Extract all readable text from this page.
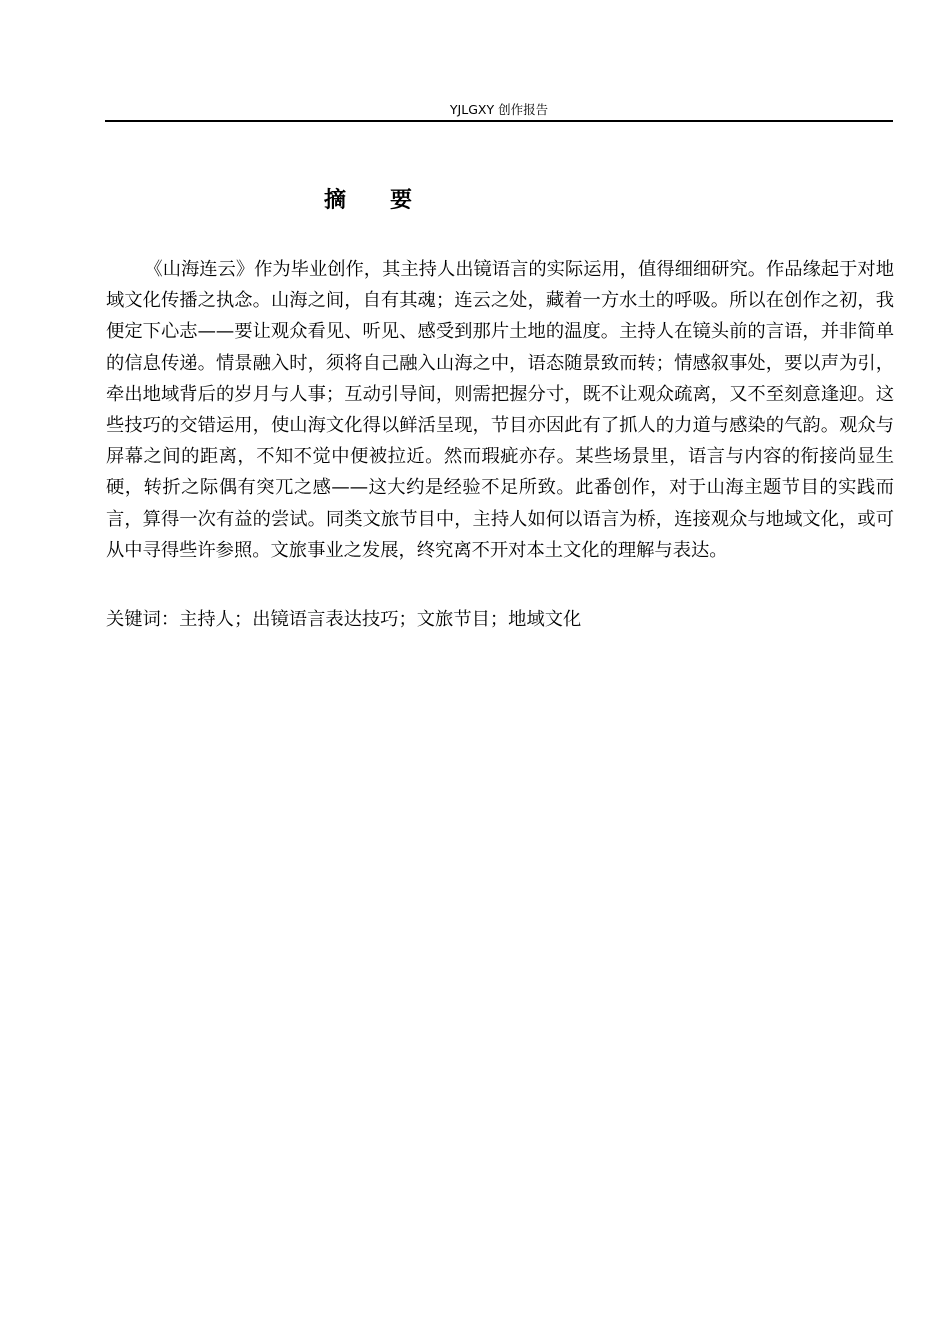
YJLGXY 创作报告
摘要

《山海连云》作为毕业创作，其主持人出镜语言的实际运用，值得细细研究。作品缘起于对地域文化传播之执念。山海之间，自有其魂；连云之处，藏着一方水土的呼吸。所以在创作之初，我便定下心志——要让观众看见、听见、感受到那片土地的温度。主持人在镜头前的言语，并非简单的信息传递。情景融入时，须将自己融入山海之中，语态随景致而转；情感叙事处，要以声为引，牵出地域背后的岁月与人事；互动引导间，则需把握分寸，既不让观众疏离，又不至刻意逢迎。这些技巧的交错运用，使山海文化得以鲜活呈现，节目亦因此有了抓人的力道与感染的气韵。观众与屏幕之间的距离，不知不觉中便被拉近。然而瑕疵亦存。某些场景里，语言与内容的衔接尚显生硬，转折之际偶有突兀之感——这大约是经验不足所致。此番创作，对于山海主题节目的实践而言，算得一次有益的尝试。同类文旅节目中，主持人如何以语言为桥，连接观众与地域文化，或可从中寻得些许参照。文旅事业之发展，终究离不开对本土文化的理解与表达。

关键词：主持人；出镜语言表达技巧；文旅节目；地域文化
